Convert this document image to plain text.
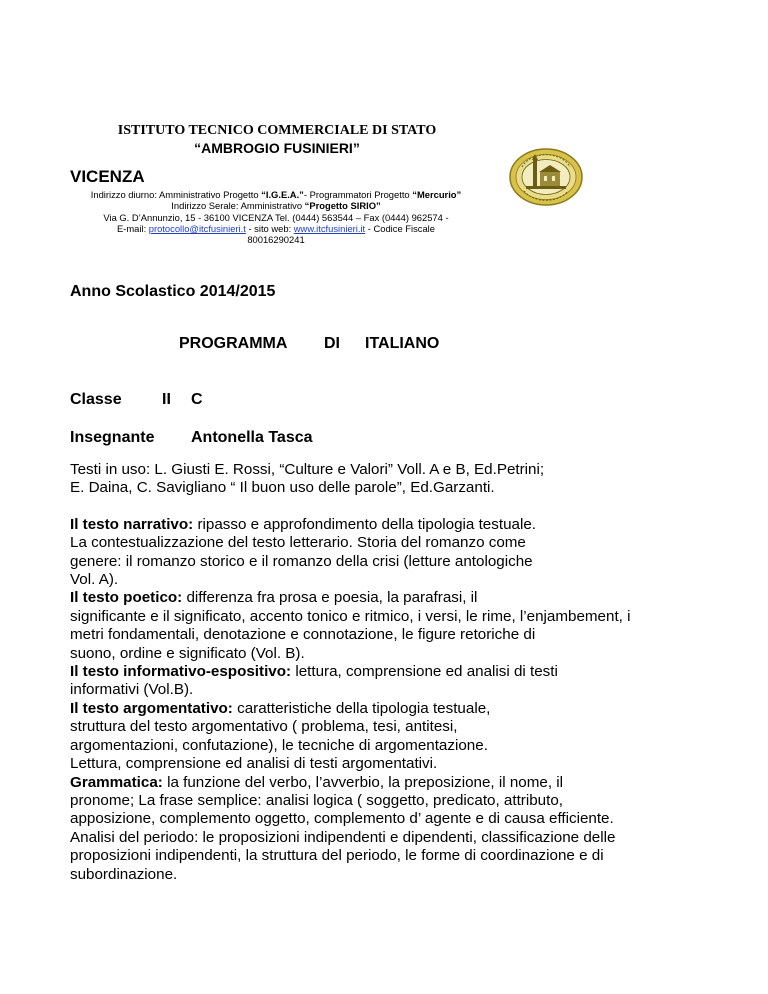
ISTITUTO TECNICO COMMERCIALE DI STATO
“AMBROGIO FUSINIERI”
VICENZA
Indirizzo diurno: Amministrativo Progetto “I.G.E.A.”- Programmatori Progetto “Mercurio”
Indirizzo Serale: Amministrativo “Progetto SIRIO”
Via G. D’Annunzio, 15 - 36100 VICENZA Tel. (0444) 563544 – Fax (0444) 962574 -
E-mail: protocollo@itcfusinieri.t - sito web: www.itcfusinieri.it - Codice Fiscale
80016290241
Anno Scolastico 2014/2015
PROGRAMMA DI ITALIANO
Classe	II C
Insegnante Antonella Tasca

Testi in uso: L. Giusti E. Rossi, “Culture e Valori” Voll. A e B, Ed.Petrini;

E. Daina, C. Savigliano “ Il buon uso delle parole”, Ed.Garzanti.

Il testo narrativo: ripasso e approfondimento della tipologia testuale.

La contestualizzazione del testo letterario. Storia del romanzo come

genere: il romanzo storico e il romanzo della crisi (letture antologiche

Vol. A).

Il testo poetico: differenza fra prosa e poesia, la parafrasi, il

significante e il significato, accento tonico e ritmico, i versi, le rime, l’enjambement, i

metri fondamentali, denotazione e connotazione, le figure retoriche di

suono, ordine e significato (Vol. B).

Il testo informativo-espositivo: lettura, comprensione ed analisi di testi

informativi (Vol.B).

Il testo argomentativo: caratteristiche della tipologia testuale,

struttura del testo argomentativo ( problema, tesi, antitesi,

argomentazioni, confutazione), le tecniche di argomentazione.

Lettura, comprensione ed analisi di testi argomentativi.

Grammatica: la funzione del verbo, l’avverbio, la preposizione, il nome, il

pronome; La frase semplice: analisi logica ( soggetto, predicato, attributo,

apposizione, complemento oggetto, complemento d’ agente e di causa efficiente.

Analisi del periodo: le proposizioni indipendenti e dipendenti, classificazione delle

proposizioni indipendenti, la struttura del periodo, le forme di coordinazione e di

subordinazione.
